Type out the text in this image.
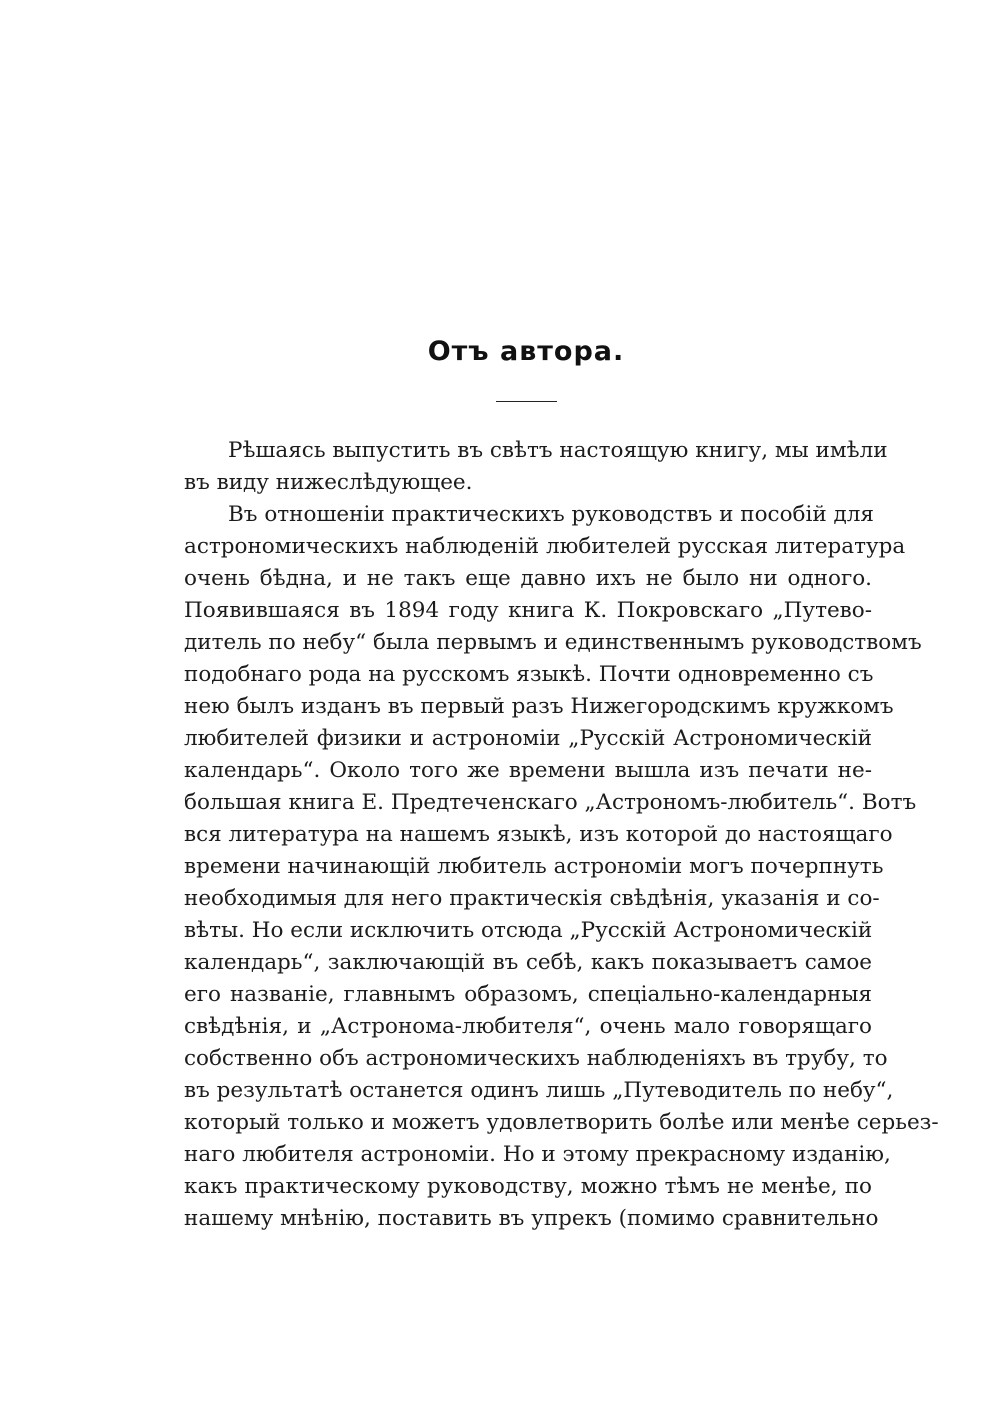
Отъ автора.
Рѣшаясь выпустить въ свѣтъ настоящую книгу, мы имѣли
въ виду нижеслѣдующее.
Въ отношеніи практическихъ руководствъ и пособій для
астрономическихъ наблюденій любителей русская литература
очень бѣдна, и не такъ еще давно ихъ не было ни одного.
Появившаяся въ 1894 году книга К. Покровскаго „Путево-
дитель по небу“ была первымъ и единственнымъ руководствомъ
подобнаго рода на русскомъ языкѣ. Почти одновременно съ
нею былъ изданъ въ первый разъ Нижегородскимъ кружкомъ
любителей физики и астрономіи „Русскій Астрономическій
календарь“. Около того же времени вышла изъ печати не-
большая книга Е. Предтеченскаго „Астрономъ-любитель“. Вотъ
вся литература на нашемъ языкѣ, изъ которой до настоящаго
времени начинающій любитель астрономіи могъ почерпнуть
необходимыя для него практическія свѣдѣнія, указанія и со-
вѣты. Но если исключить отсюда „Русскій Астрономическій
календарь“, заключающій въ себѣ, какъ показываетъ самое
его названіе, главнымъ образомъ, спеціально-календарныя
свѣдѣнія, и „Астронома-любителя“, очень мало говорящаго
собственно объ астрономическихъ наблюденіяхъ въ трубу, то
въ результатѣ останется одинъ лишь „Путеводитель по небу“,
который только и можетъ удовлетворить болѣе или менѣе серьез-
наго любителя астрономіи. Но и этому прекрасному изданію,
какъ практическому руководству, можно тѣмъ не менѣе, по
нашему мнѣнію, поставить въ упрекъ (помимо сравнительно
